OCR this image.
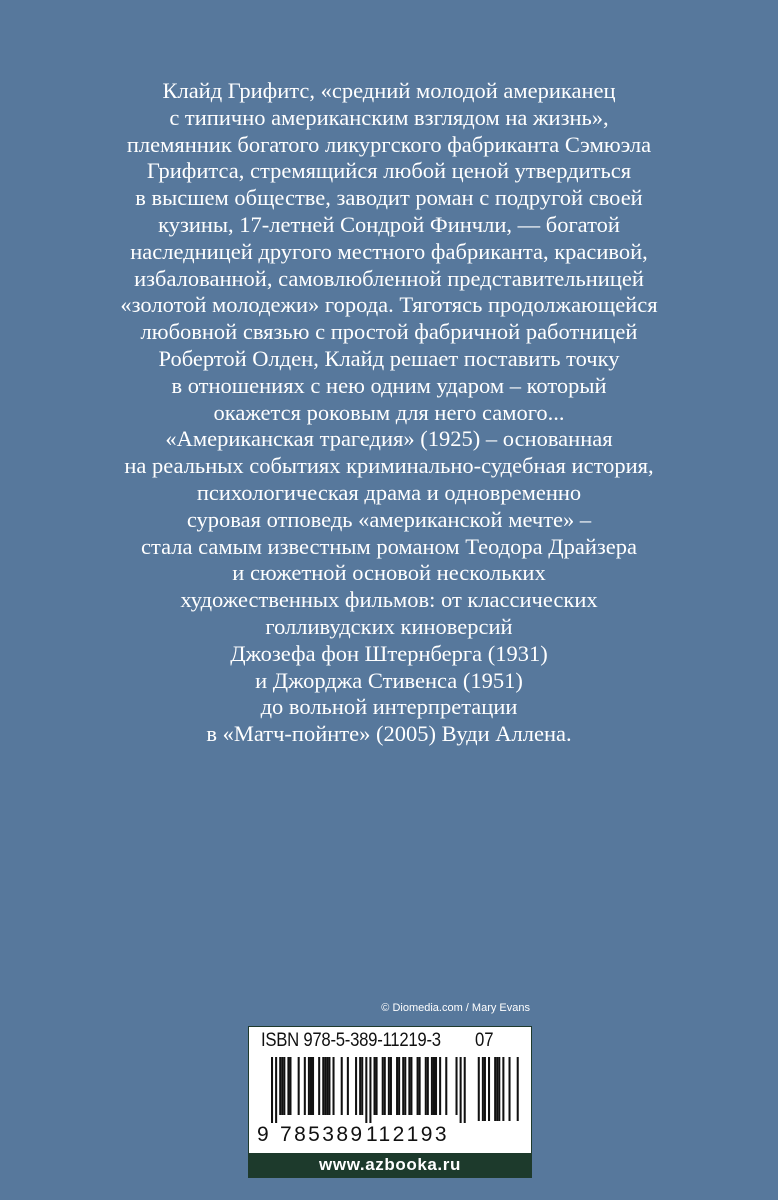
Клайд Грифитс, «средний молодой американец
с типично американским взглядом на жизнь»,
племянник богатого ликургского фабриканта Сэмюэла
Грифитса, стремящийся любой ценой утвердиться
в высшем обществе, заводит роман с подругой своей
кузины, 17-летней Сондрой Финчли, — богатой
наследницей другого местного фабриканта, красивой,
избалованной, самовлюбленной представительницей
«золотой молодежи» города. Тяготясь продолжающейся
любовной связью с простой фабричной работницей
Робертой Олден, Клайд решает поставить точку
в отношениях с нею одним ударом – который
окажется роковым для него самого...
«Американская трагедия» (1925) – основанная
на реальных событиях криминально-судебная история,
психологическая драма и одновременно
суровая отповедь «американской мечте» –
стала самым известным романом Теодора Драйзера
и сюжетной основой нескольких
художественных фильмов: от классических
голливудских киноверсий
Джозефа фон Штернберга (1931)
и Джорджа Стивенса (1951)
до вольной интерпретации
в «Матч-пойнте» (2005) Вуди Аллена.
© Diomedia.com / Mary Evans
ISBN 978-5-389-11219-3 07
9 785389 112193
www.azbooka.ru
